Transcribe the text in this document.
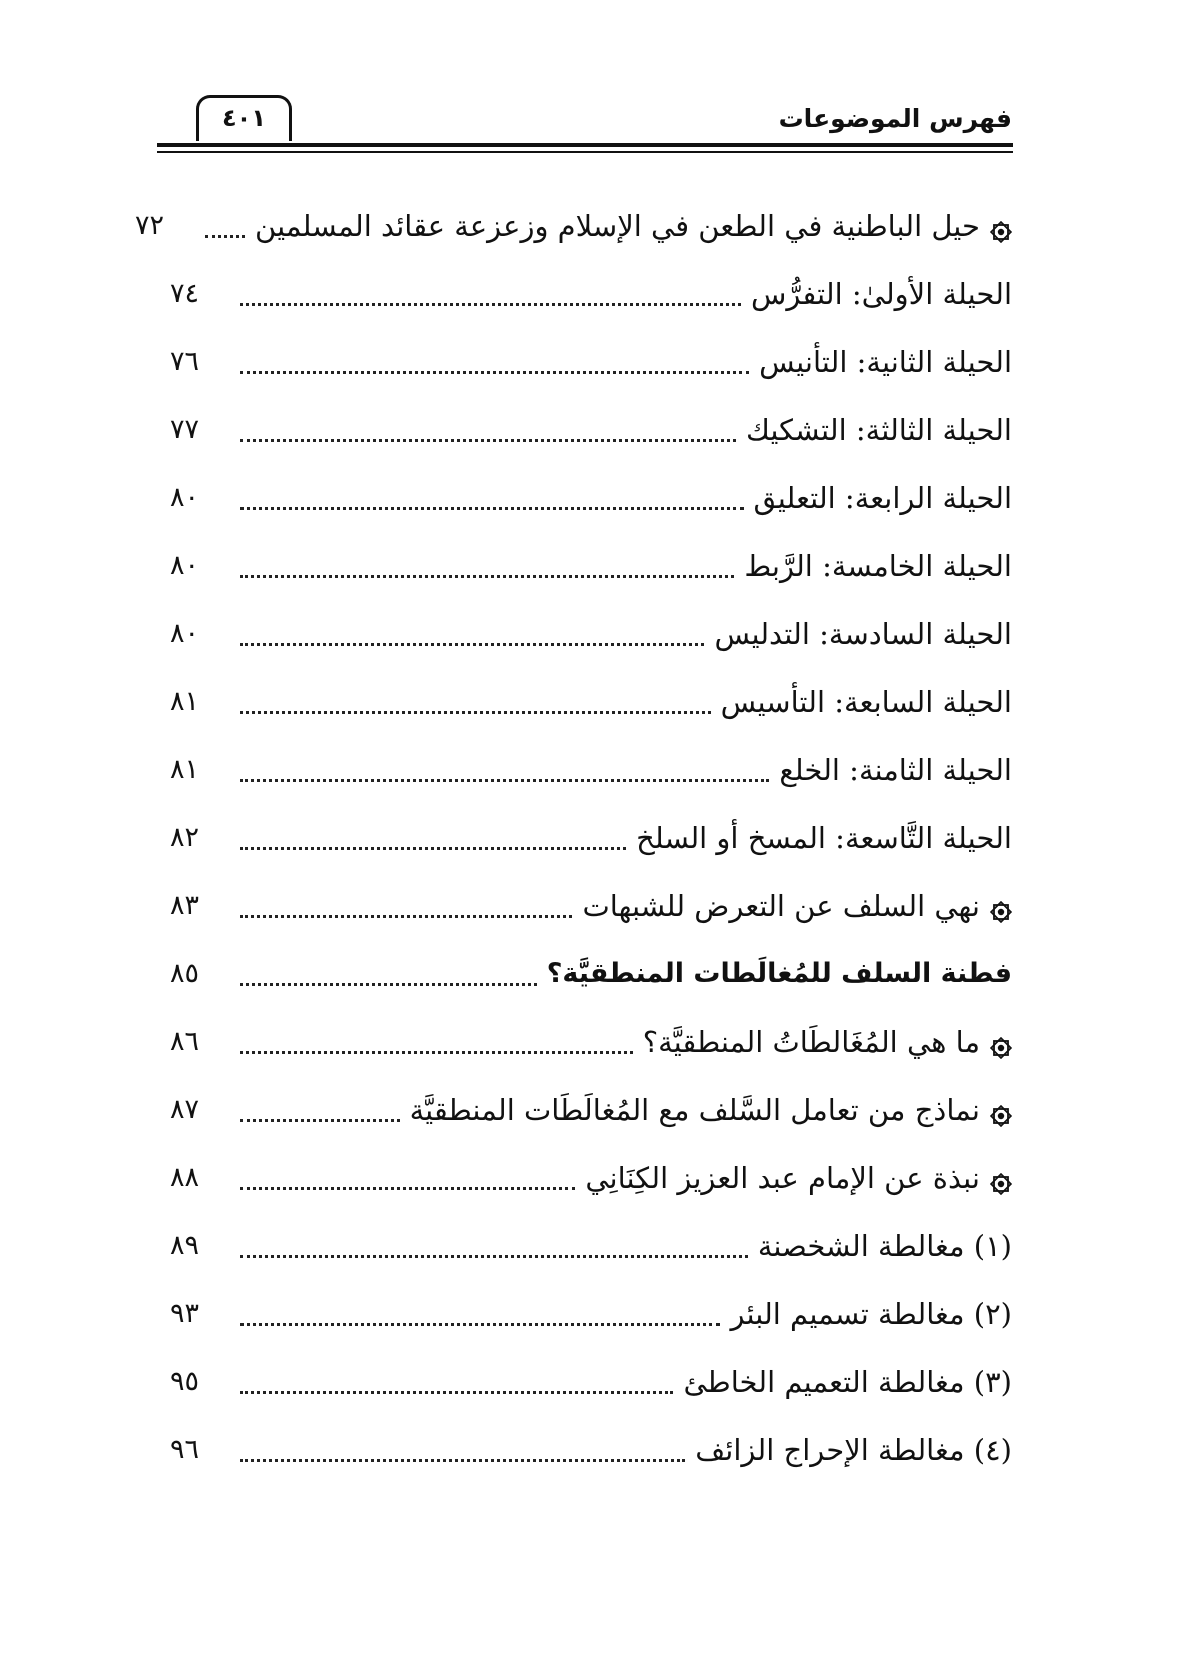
فهرس الموضوعات
٤٠١
حيل الباطنية في الطعن في الإسلام وزعزعة عقائد المسلمين
٧٢
الحيلة الأولىٰ: التفرُّس
٧٤
الحيلة الثانية: التأنيس
٧٦
الحيلة الثالثة: التشكيك
٧٧
الحيلة الرابعة: التعليق
٨٠
الحيلة الخامسة: الرَّبط
٨٠
الحيلة السادسة: التدليس
٨٠
الحيلة السابعة: التأسيس
٨١
الحيلة الثامنة: الخلع
٨١
الحيلة التَّاسعة: المسخ أو السلخ
٨٢
نهي السلف عن التعرض للشبهات
٨٣
فطنة السلف للمُغالَطات المنطقيَّة؟
٨٥
ما هي المُغَالطَاتُ المنطقيَّة؟
٨٦
نماذج من تعامل السَّلف مع المُغالَطَات المنطقيَّة
٨٧
نبذة عن الإمام عبد العزيز الكِنَانِي
٨٨
(١) مغالطة الشخصنة
٨٩
(٢) مغالطة تسميم البئر
٩٣
(٣) مغالطة التعميم الخاطئ
٩٥
(٤) مغالطة الإحراج الزائف
٩٦
